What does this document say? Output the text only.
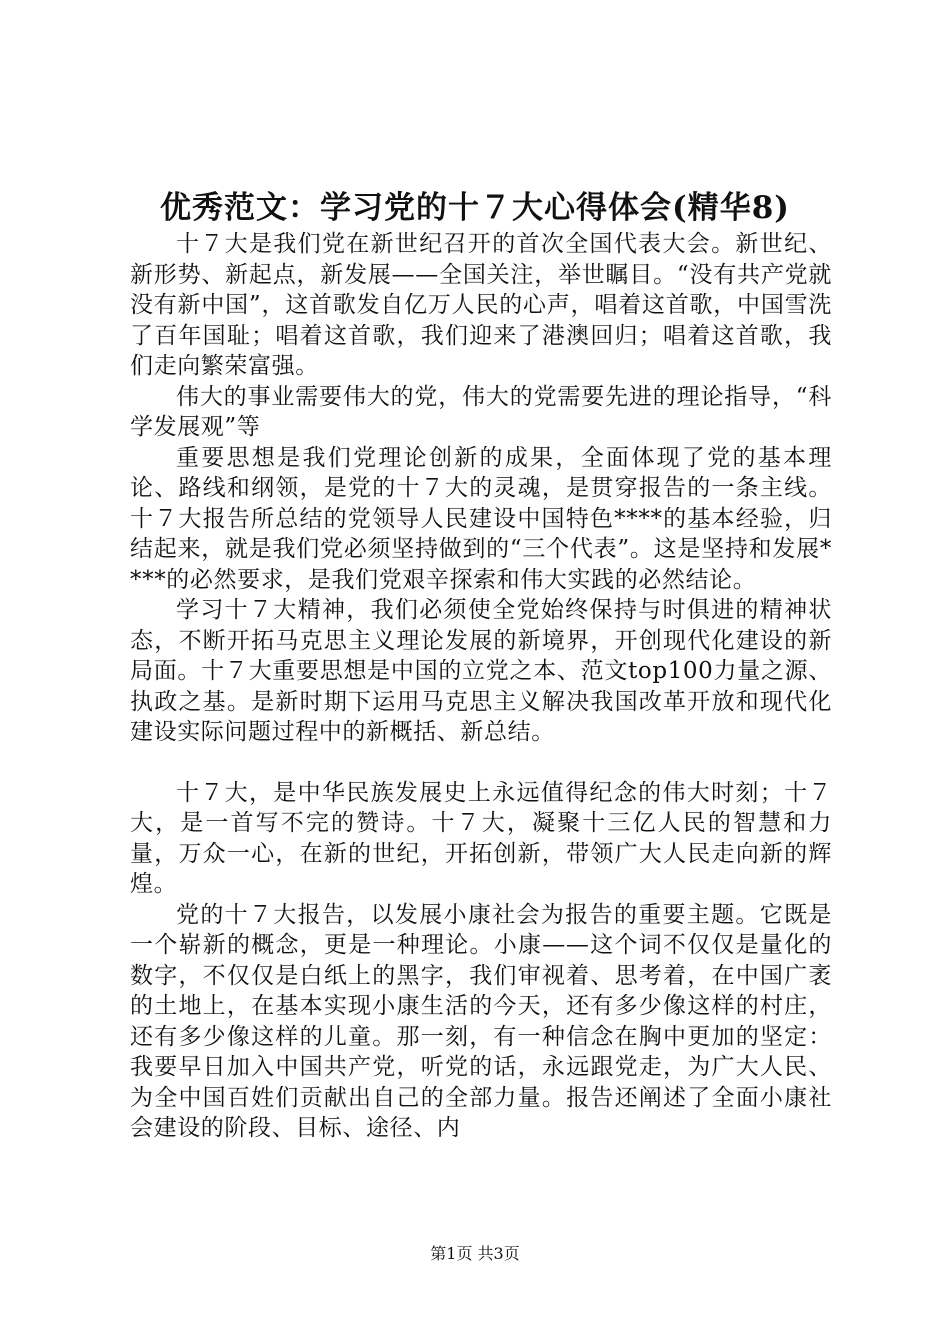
优秀范文：学习党的十７大心得体会(精华8)

十７大是我们党在新世纪召开的首次全国代表大会。新世纪、新形势、新起点，新发展——全国关注，举世瞩目。“没有共产党就没有新中国”，这首歌发自亿万人民的心声，唱着这首歌，中国雪洗了百年国耻；唱着这首歌，我们迎来了港澳回归；唱着这首歌，我们走向繁荣富强。

伟大的事业需要伟大的党，伟大的党需要先进的理论指导，“科学发展观”等

重要思想是我们党理论创新的成果，全面体现了党的基本理论、路线和纲领，是党的十７大的灵魂，是贯穿报告的一条主线。十７大报告所总结的党领导人民建设中国特色****的基本经验，归结起来，就是我们党必须坚持做到的“三个代表”。这是坚持和发展****的必然要求，是我们党艰辛探索和伟大实践的必然结论。

学习十７大精神，我们必须使全党始终保持与时俱进的精神状态，不断开拓马克思主义理论发展的新境界，开创现代化建设的新局面。十７大重要思想是中国的立党之本、范文top100力量之源、执政之基。是新时期下运用马克思主义解决我国改革开放和现代化建设实际问题过程中的新概括、新总结。

十７大，是中华民族发展史上永远值得纪念的伟大时刻；十７大，是一首写不完的赞诗。十７大，凝聚十三亿人民的智慧和力量，万众一心，在新的世纪，开拓创新，带领广大人民走向新的辉煌。

党的十７大报告，以发展小康社会为报告的重要主题。它既是一个崭新的概念，更是一种理论。小康——这个词不仅仅是量化的数字，不仅仅是白纸上的黑字，我们审视着、思考着，在中国广袤的土地上，在基本实现小康生活的今天，还有多少像这样的村庄，还有多少像这样的儿童。那一刻，有一种信念在胸中更加的坚定：我要早日加入中国共产党，听党的话，永远跟党走，为广大人民、为全中国百姓们贡献出自己的全部力量。报告还阐述了全面小康社会建设的阶段、目标、途径、内

第1页 共3页
